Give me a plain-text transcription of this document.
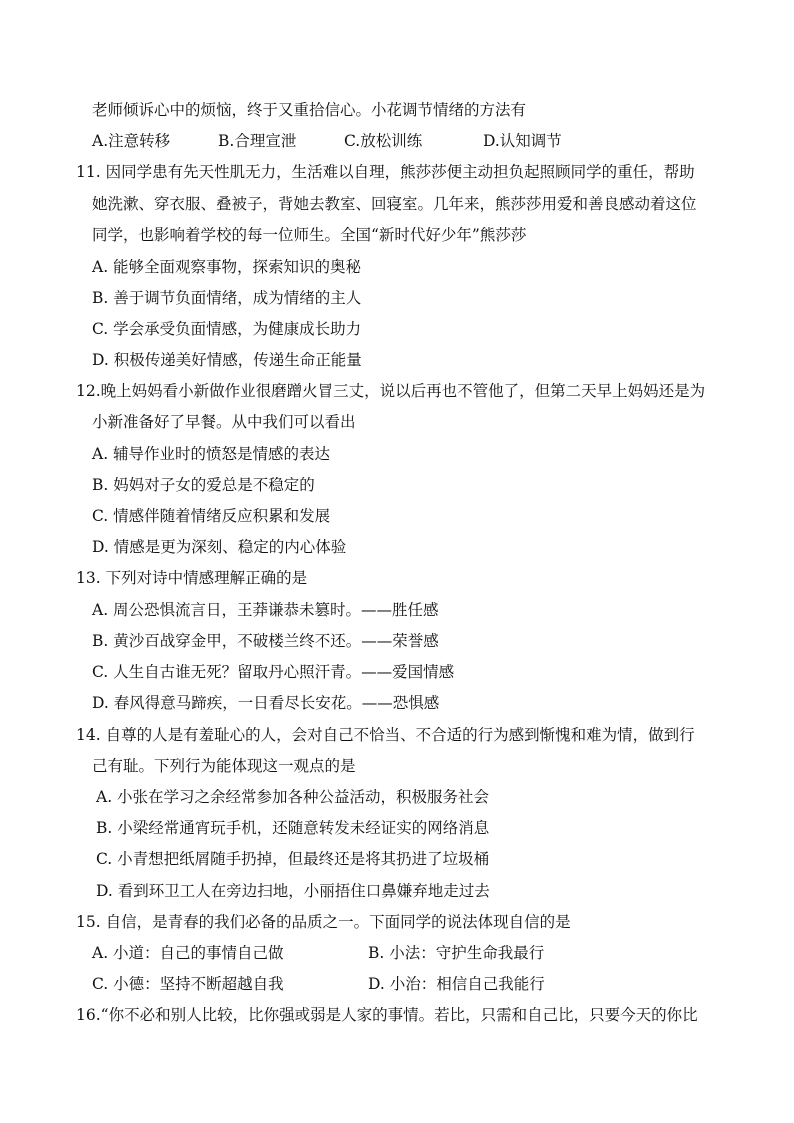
老师倾诉心中的烦恼，终于又重拾信心。小花调节情绪的方法有
A.注意转移	B.合理宣泄	C.放松训练	D.认知调节
11. 因同学患有先天性肌无力，生活难以自理，熊莎莎便主动担负起照顾同学的重任，帮助
她洗漱、穿衣服、叠被子，背她去教室、回寝室。几年来，熊莎莎用爱和善良感动着这位
同学，也影响着学校的每一位师生。全国“新时代好少年”熊莎莎
A. 能够全面观察事物，探索知识的奥秘
B. 善于调节负面情绪，成为情绪的主人
C. 学会承受负面情感，为健康成长助力
D. 积极传递美好情感，传递生命正能量
12.晚上妈妈看小新做作业很磨蹭火冒三丈，说以后再也不管他了，但第二天早上妈妈还是为
小新准备好了早餐。从中我们可以看出
A. 辅导作业时的愤怒是情感的表达
B. 妈妈对子女的爱总是不稳定的
C. 情感伴随着情绪反应积累和发展
D. 情感是更为深刻、稳定的内心体验
13. 下列对诗中情感理解正确的是
A. 周公恐惧流言日，王莽谦恭未篡时。——胜任感
B. 黄沙百战穿金甲，不破楼兰终不还。——荣誉感
C. 人生自古谁无死？留取丹心照汗青。——爱国情感
D. 春风得意马蹄疾，一日看尽长安花。——恐惧感
14. 自尊的人是有羞耻心的人，会对自己不恰当、不合适的行为感到惭愧和难为情，做到行
己有耻。下列行为能体现这一观点的是
A. 小张在学习之余经常参加各种公益活动，积极服务社会
B. 小梁经常通宵玩手机，还随意转发未经证实的网络消息
C. 小青想把纸屑随手扔掉，但最终还是将其扔进了垃圾桶
D. 看到环卫工人在旁边扫地，小丽捂住口鼻嫌弃地走过去
15. 自信，是青春的我们必备的品质之一。下面同学的说法体现自信的是
A. 小道：自己的事情自己做	B. 小法：守护生命我最行
C. 小德：坚持不断超越自我	D. 小治：相信自己我能行
16.“你不必和别人比较，比你强或弱是人家的事情。若比，只需和自己比，只要今天的你比
